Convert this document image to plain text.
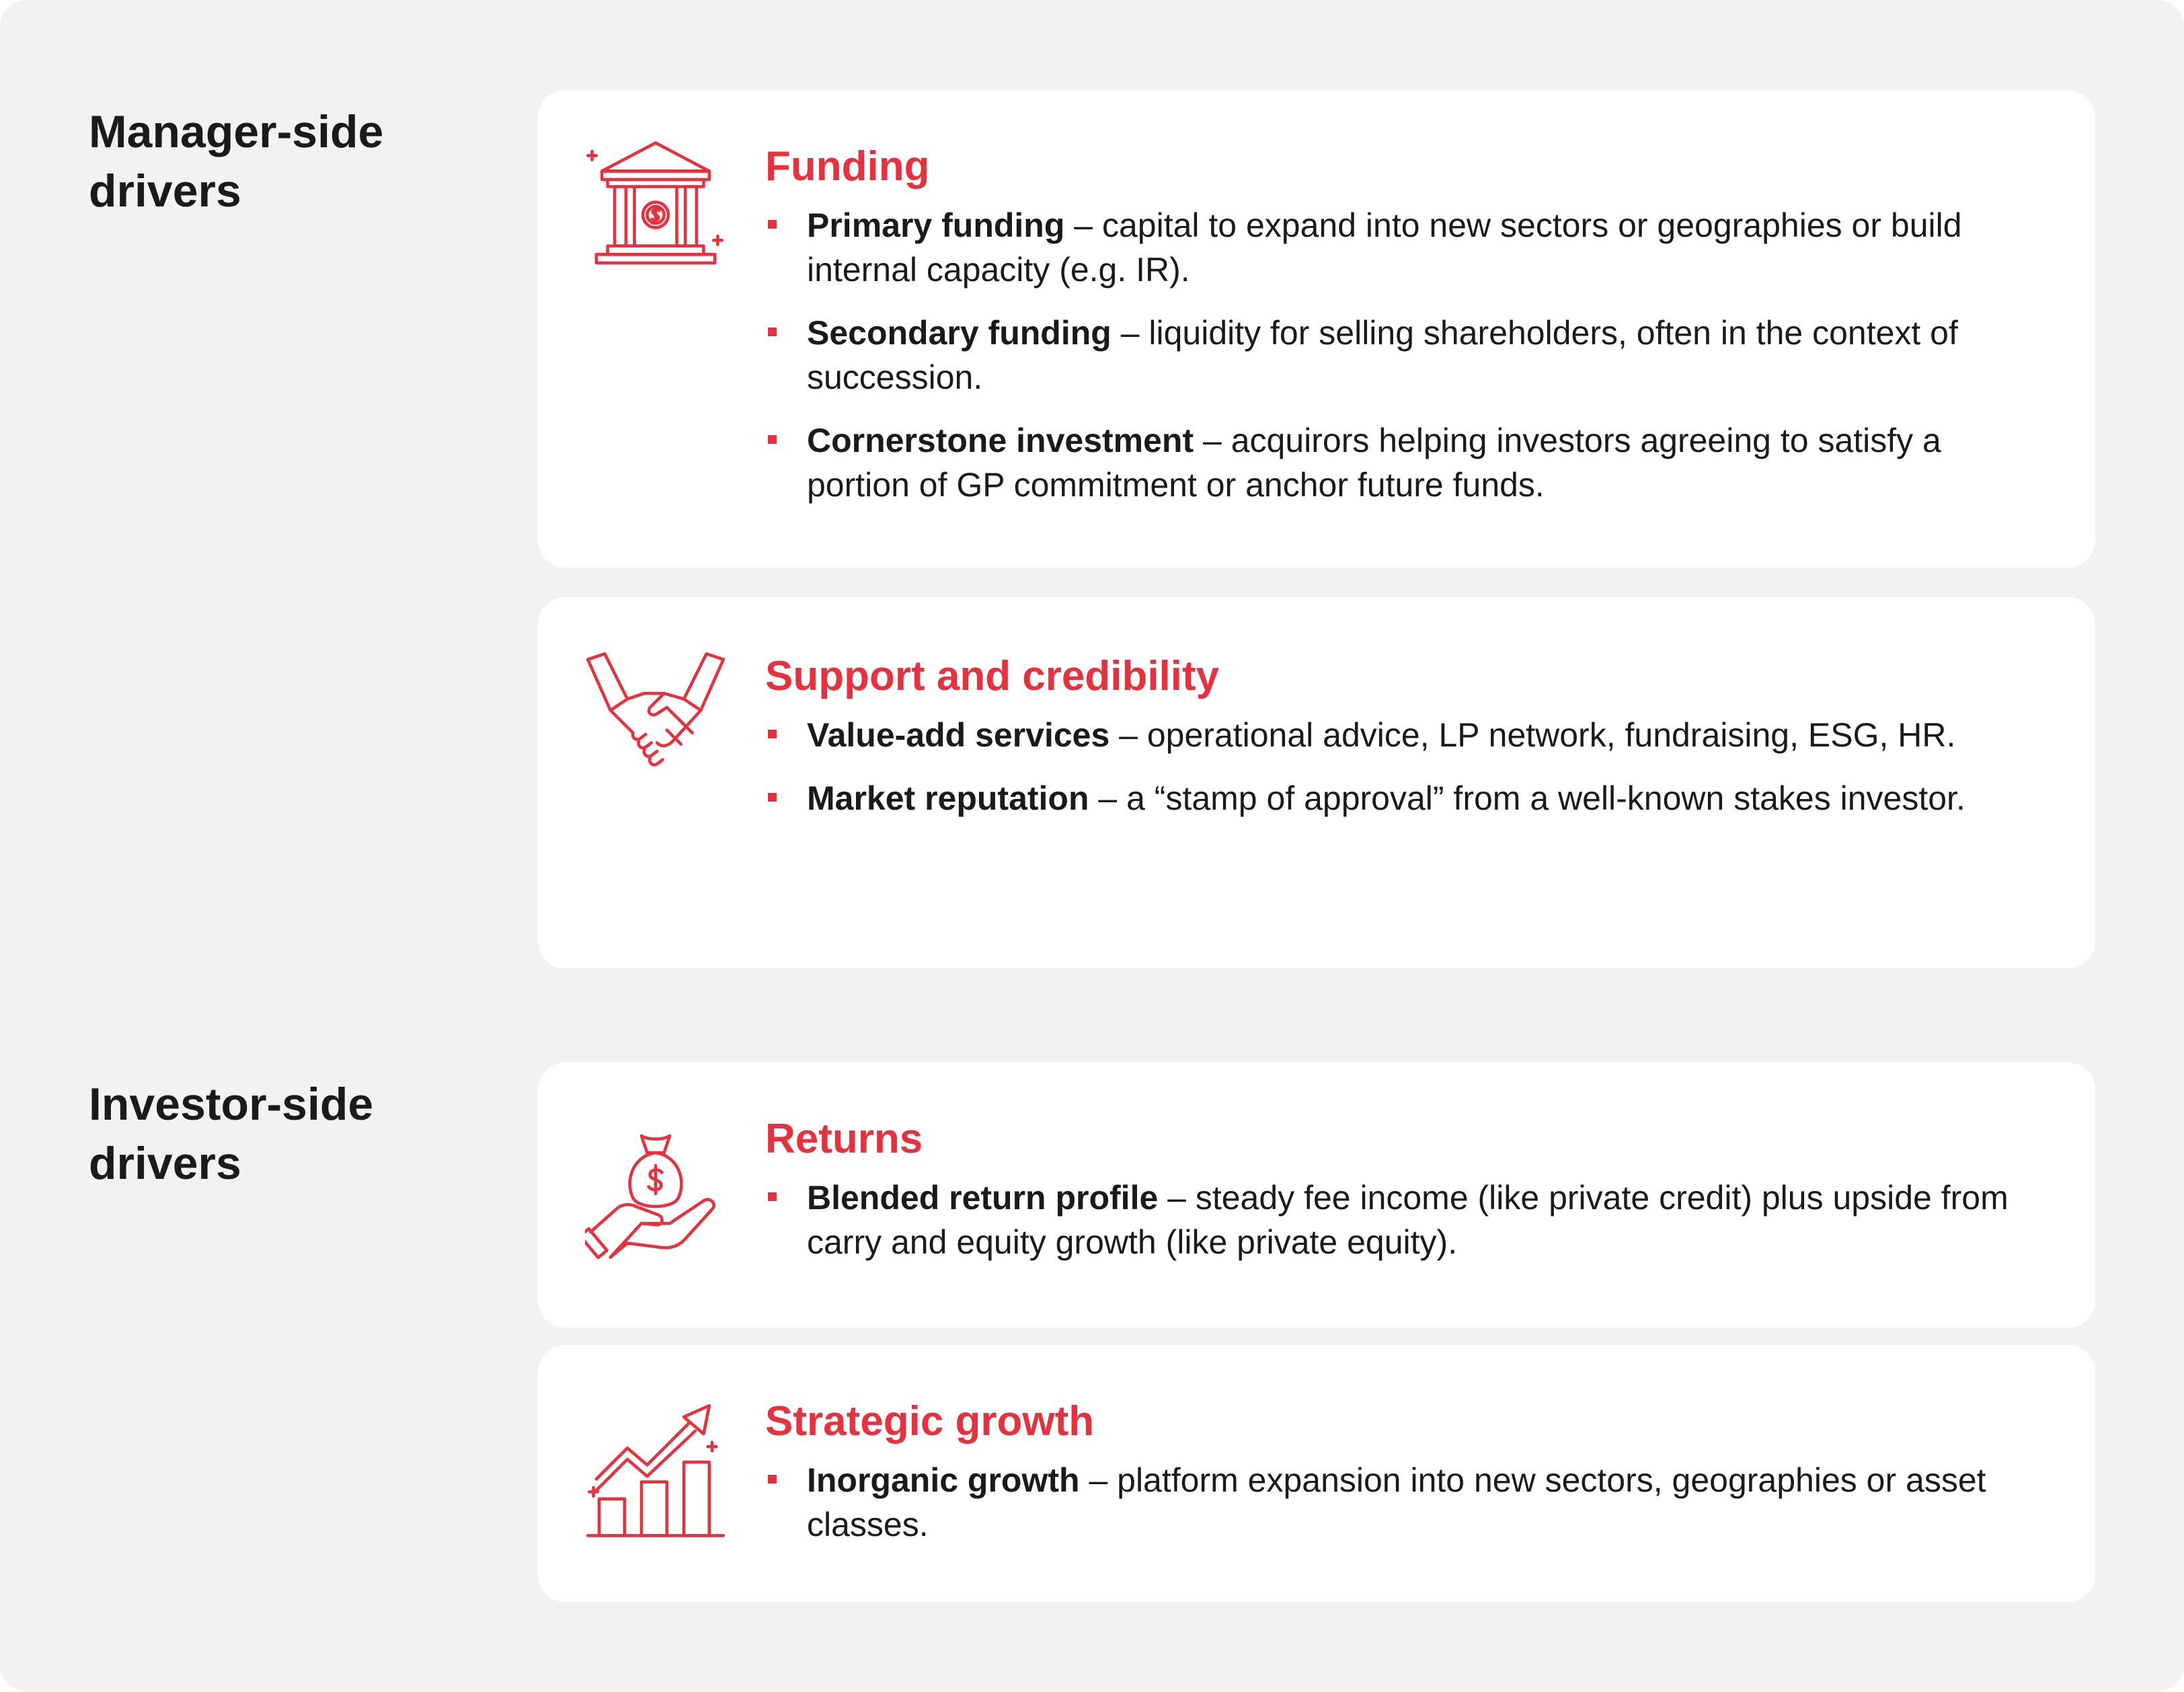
Manager-side drivers	Funding
Primary funding – capital to expand into new sectors or geographies or build internal capacity (e.g. IR).
Secondary funding – liquidity for selling shareholders, often in the context of succession.
Cornerstone investment – acquirors helping investors agreeing to satisfy a portion of GP commitment or anchor future funds.
Support and credibility
Value-add services – operational advice, LP network, fundraising, ESG, HR.
Market reputation – a “stamp of approval” from a well-known stakes investor.
Investor-side drivers	Returns
Blended return profile – steady fee income (like private credit) plus upside from carry and equity growth (like private equity).
Strategic growth
Inorganic growth – platform expansion into new sectors, geographies or asset classes.
